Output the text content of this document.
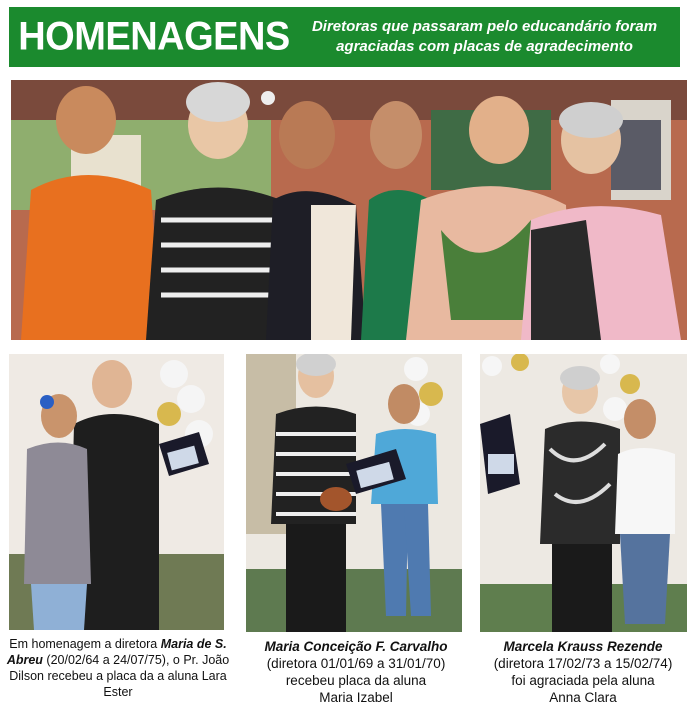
HOMENAGENS	Diretoras que passaram pelo educandário foram
agraciadas com placas de agradecimento
Em homenagem a diretora Maria de S. Abreu (20/02/64 a 24/07/75), o Pr. João Dilson recebeu a placa da a aluna Lara Ester
Maria Conceição F. Carvalho
(diretora 01/01/69 a 31/01/70)
recebeu placa da aluna
Maria Izabel
Marcela Krauss Rezende
(diretora 17/02/73 a 15/02/74)
foi agraciada pela aluna
Anna Clara
